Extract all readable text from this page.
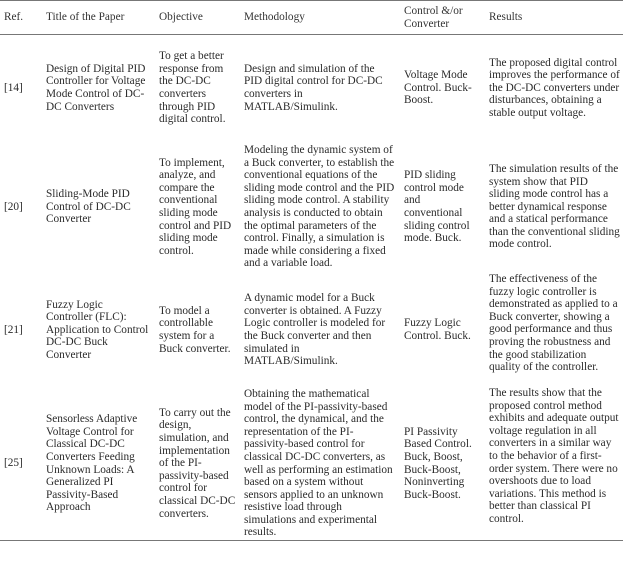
Ref.	Title of the Paper	Objective	Methodology	Control &/or Converter	Results
[14]	Design of Digital PID Controller for Voltage Mode Control of DC-DC Converters	To get a better response from the DC-DC converters through PID digital control.	Design and simulation of the PID digital control for DC-DC converters in MATLAB/Simulink.	Voltage Mode Control. Buck-Boost.	The proposed digital control improves the performance of the DC-DC converters under disturbances, obtaining a stable output voltage.
[20]	Sliding-Mode PID Control of DC-DC Converter	To implement, analyze, and compare the conventional sliding mode control and PID sliding mode control.	Modeling the dynamic system of a Buck converter, to establish the conventional equations of the sliding mode control and the PID sliding mode control. A stability analysis is conducted to obtain the optimal parameters of the control. Finally, a simulation is made while considering a fixed and a variable load.	PID sliding control mode and conventional sliding control mode. Buck.	The simulation results of the system show that PID sliding mode control has a better dynamical response and a statical performance than the conventional sliding mode control.
[21]	Fuzzy Logic Controller (FLC): Application to Control DC-DC Buck Converter	To model a controllable system for a Buck converter.	A dynamic model for a Buck converter is obtained. A Fuzzy Logic controller is modeled for the Buck converter and then simulated in MATLAB/Simulink.	Fuzzy Logic Control. Buck.	The effectiveness of the fuzzy logic controller is demonstrated as applied to a Buck converter, showing a good performance and thus proving the robustness and the good stabilization quality of the controller.
[25]	Sensorless Adaptive Voltage Control for Classical DC-DC Converters Feeding Unknown Loads: A Generalized PI Passivity-Based Approach	To carry out the design, simulation, and implementation of the PI-passivity-based control for classical DC-DC converters.	Obtaining the mathematical model of the PI-passivity-based control, the dynamical, and the representation of the PI-passivity-based control for classical DC-DC converters, as well as performing an estimation based on a system without sensors applied to an unknown resistive load through simulations and experimental results.	PI Passivity Based Control. Buck, Boost, Buck-Boost, Noninverting Buck-Boost.	The results show that the proposed control method exhibits and adequate output voltage regulation in all converters in a similar way to the behavior of a first-order system. There were no overshoots due to load variations. This method is better than classical PI control.
